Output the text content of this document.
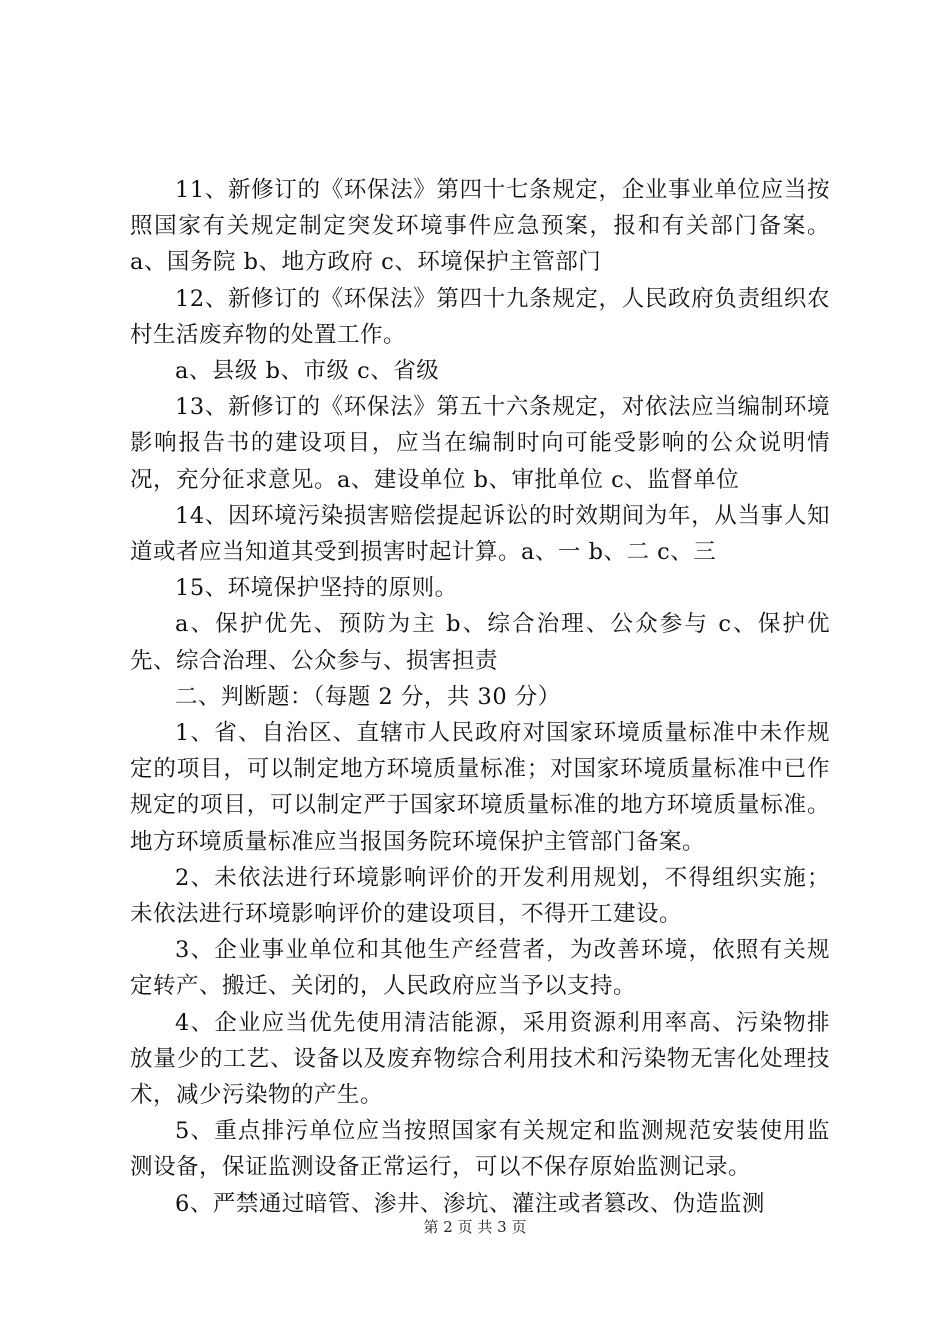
11、新修订的《环保法》第四十七条规定，企业事业单位应当按照国家有关规定制定突发环境事件应急预案，报和有关部门备案。a、国务院 b、地方政府 c、环境保护主管部门

12、新修订的《环保法》第四十九条规定，人民政府负责组织农村生活废弃物的处置工作。

a、县级 b、市级 c、省级

13、新修订的《环保法》第五十六条规定，对依法应当编制环境影响报告书的建设项目，应当在编制时向可能受影响的公众说明情况，充分征求意见。a、建设单位 b、审批单位 c、监督单位

14、因环境污染损害赔偿提起诉讼的时效期间为年，从当事人知道或者应当知道其受到损害时起计算。a、一 b、二 c、三

15、环境保护坚持的原则。

a、保护优先、预防为主 b、综合治理、公众参与 c、保护优先、综合治理、公众参与、损害担责

二、判断题：（每题 2 分，共 30 分）

1、省、自治区、直辖市人民政府对国家环境质量标准中未作规定的项目，可以制定地方环境质量标准；对国家环境质量标准中已作规定的项目，可以制定严于国家环境质量标准的地方环境质量标准。地方环境质量标准应当报国务院环境保护主管部门备案。

2、未依法进行环境影响评价的开发利用规划，不得组织实施；未依法进行环境影响评价的建设项目，不得开工建设。

3、企业事业单位和其他生产经营者，为改善环境，依照有关规定转产、搬迁、关闭的，人民政府应当予以支持。

4、企业应当优先使用清洁能源，采用资源利用率高、污染物排放量少的工艺、设备以及废弃物综合利用技术和污染物无害化处理技术，减少污染物的产生。

5、重点排污单位应当按照国家有关规定和监测规范安装使用监测设备，保证监测设备正常运行，可以不保存原始监测记录。

6、严禁通过暗管、渗井、渗坑、灌注或者篡改、伪造监测

第 2 页 共 3 页
